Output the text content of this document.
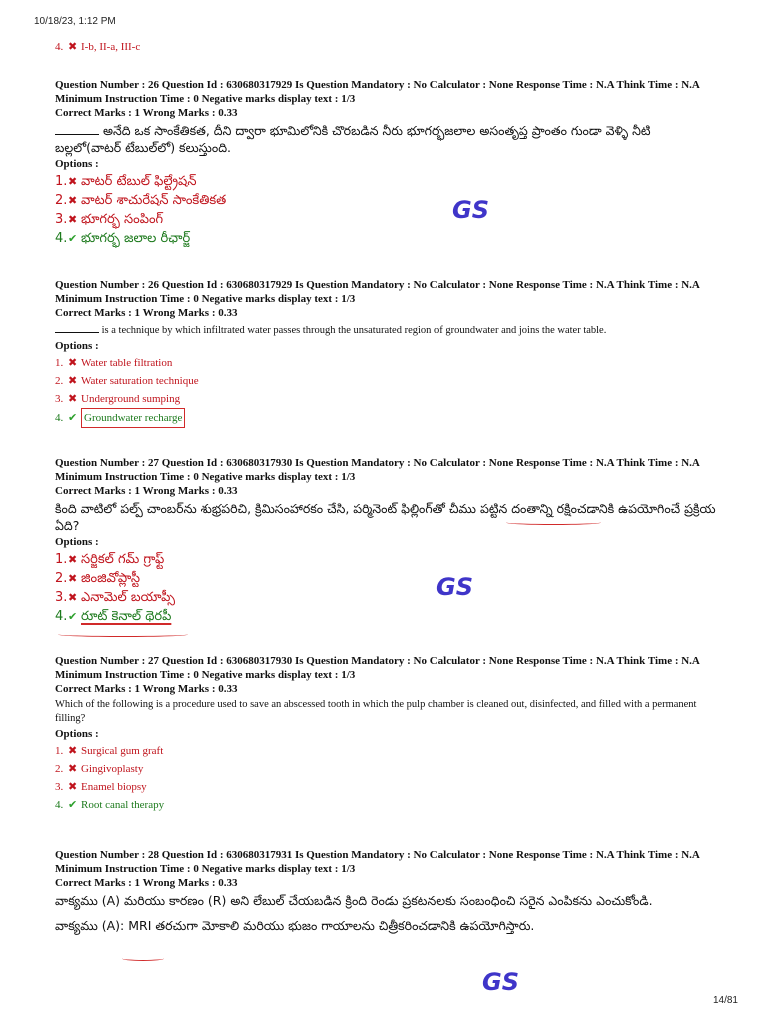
10/18/23, 1:12 PM
4. ✖ I-b, II-a, III-c
Question Number : 26 Question Id : 630680317929 Is Question Mandatory : No Calculator : None Response Time : N.A Think Time : N.A Minimum Instruction Time : 0 Negative marks display text : 1/3
Correct Marks : 1 Wrong Marks : 0.33
అనేది ఒక సాంకేతికత, దీని ద్వారా భూమిలోనికి చొరబడిన నీరు భూగర్భజలాల అసంతృప్త ప్రాంతం గుండా వెళ్ళి నీటి బల్లలో(వాటర్ టేబుల్‌లో) కలుస్తుంది.
Options :
1. ✖ వాటర్ టేబుల్ ఫిల్ట్రేషన్
2. ✖ వాటర్ శాచురేషన్ సాంకేతికత
3. ✖ భూగర్భ సంపింగ్
4. ✔ భూగర్భ జలాల రీఛార్జ్
Question Number : 26 Question Id : 630680317929 Is Question Mandatory : No Calculator : None Response Time : N.A Think Time : N.A Minimum Instruction Time : 0 Negative marks display text : 1/3
Correct Marks : 1 Wrong Marks : 0.33
is a technique by which infiltrated water passes through the unsaturated region of groundwater and joins the water table.
Options :
1. ✖ Water table filtration
2. ✖ Water saturation technique
3. ✖ Underground sumping
4. ✔ Groundwater recharge
Question Number : 27 Question Id : 630680317930 Is Question Mandatory : No Calculator : None Response Time : N.A Think Time : N.A Minimum Instruction Time : 0 Negative marks display text : 1/3
Correct Marks : 1 Wrong Marks : 0.33
కింది వాటిలో పల్ప్ చాంబర్‌ను శుభ్రపరిచి, క్రిమిసంహారకం చేసి, పర్మినెంట్ ఫిల్లింగ్‌తో చీము పట్టిన దంతాన్ని రక్షించడానికి ఉపయోగించే ప్రక్రియ ఏది?
Options :
1. ✖ సర్జికల్ గమ్ గ్రాఫ్ట్
2. ✖ జింజివోప్లాస్టీ
3. ✖ ఎనామెల్ బయాప్సీ
4. ✔ రూట్ కెనాల్ థెరపీ
Question Number : 27 Question Id : 630680317930 Is Question Mandatory : No Calculator : None Response Time : N.A Think Time : N.A Minimum Instruction Time : 0 Negative marks display text : 1/3
Correct Marks : 1 Wrong Marks : 0.33
Which of the following is a procedure used to save an abscessed tooth in which the pulp chamber is cleaned out, disinfected, and filled with a permanent filling?
Options :
1. ✖ Surgical gum graft
2. ✖ Gingivoplasty
3. ✖ Enamel biopsy
4. ✔ Root canal therapy
Question Number : 28 Question Id : 630680317931 Is Question Mandatory : No Calculator : None Response Time : N.A Think Time : N.A Minimum Instruction Time : 0 Negative marks display text : 1/3
Correct Marks : 1 Wrong Marks : 0.33
వాక్యము (A) మరియు కారణం (R) అని లేబుల్ చేయబడిన క్రింది రెండు ప్రకటనలకు సంబంధించి సరైన ఎంపికను ఎంచుకోండి.
వాక్యము (A): MRI తరచుగా మోకాలి మరియు భుజం గాయాలను చిత్రీకరించడానికి ఉపయోగిస్తారు.
GS
GS
GS
14/81
